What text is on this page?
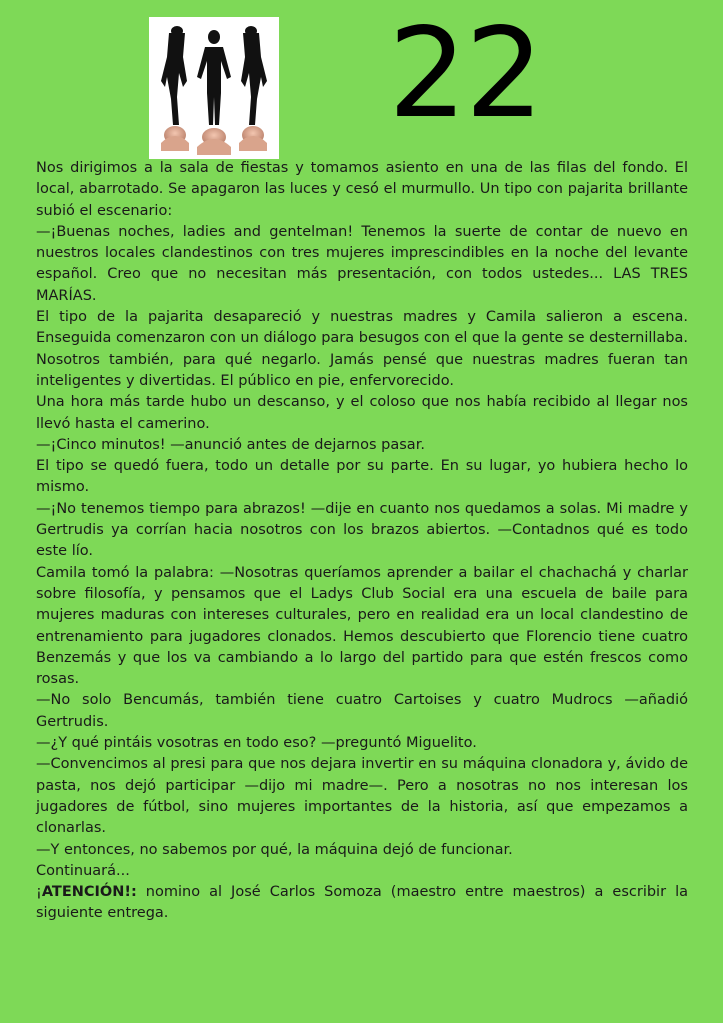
22

Nos dirigimos a la sala de fiestas y tomamos asiento en una de las filas del fondo. El local, abarrotado. Se apagaron las luces y cesó el murmullo. Un tipo con pajarita brillante subió el escenario:

—¡Buenas noches, ladies and gentelman! Tenemos la suerte de contar de nuevo en nuestros locales clandestinos con tres mujeres imprescindibles en la noche del levante español. Creo que no necesitan más presentación, con todos ustedes... LAS TRES MARÍAS.

El tipo de la pajarita desapareció y nuestras madres y Camila salieron a escena. Enseguida comenzaron con un diálogo para besugos con el que la gente se desternillaba. Nosotros también, para qué negarlo. Jamás pensé que nuestras madres fueran tan inteligentes y divertidas. El público en pie, enfervorecido.

Una hora más tarde hubo un descanso, y el coloso que nos había recibido al llegar nos llevó hasta el camerino.

—¡Cinco minutos! —anunció antes de dejarnos pasar.

El tipo se quedó fuera, todo un detalle por su parte. En su lugar, yo hubiera hecho lo mismo.

—¡No tenemos tiempo para abrazos! —dije en cuanto nos quedamos a solas. Mi madre y Gertrudis ya corrían hacia nosotros con los brazos abiertos. —Contadnos qué es todo este lío.

Camila tomó la palabra: —Nosotras queríamos aprender a bailar el chachachá y charlar sobre filosofía, y pensamos que el Ladys Club Social era una escuela de baile para mujeres maduras con intereses culturales, pero en realidad era un local clandestino de entrenamiento para jugadores clonados. Hemos descubierto que Florencio tiene cuatro Benzemás y que los va cambiando a lo largo del partido para que estén frescos como rosas.

—No solo Bencumás, también tiene cuatro Cartoises y cuatro Mudrocs —añadió Gertrudis.

—¿Y qué pintáis vosotras en todo eso? —preguntó Miguelito.

—Convencimos al presi para que nos dejara invertir en su máquina clonadora y, ávido de pasta, nos dejó participar —dijo mi madre—. Pero a nosotras no nos interesan los jugadores de fútbol, sino mujeres importantes de la historia, así que empezamos a clonarlas.

—Y entonces, no sabemos por qué, la máquina dejó de funcionar.

Continuará...

¡ATENCIÓN!: nomino al José Carlos Somoza (maestro entre maestros) a escribir la siguiente entrega.
